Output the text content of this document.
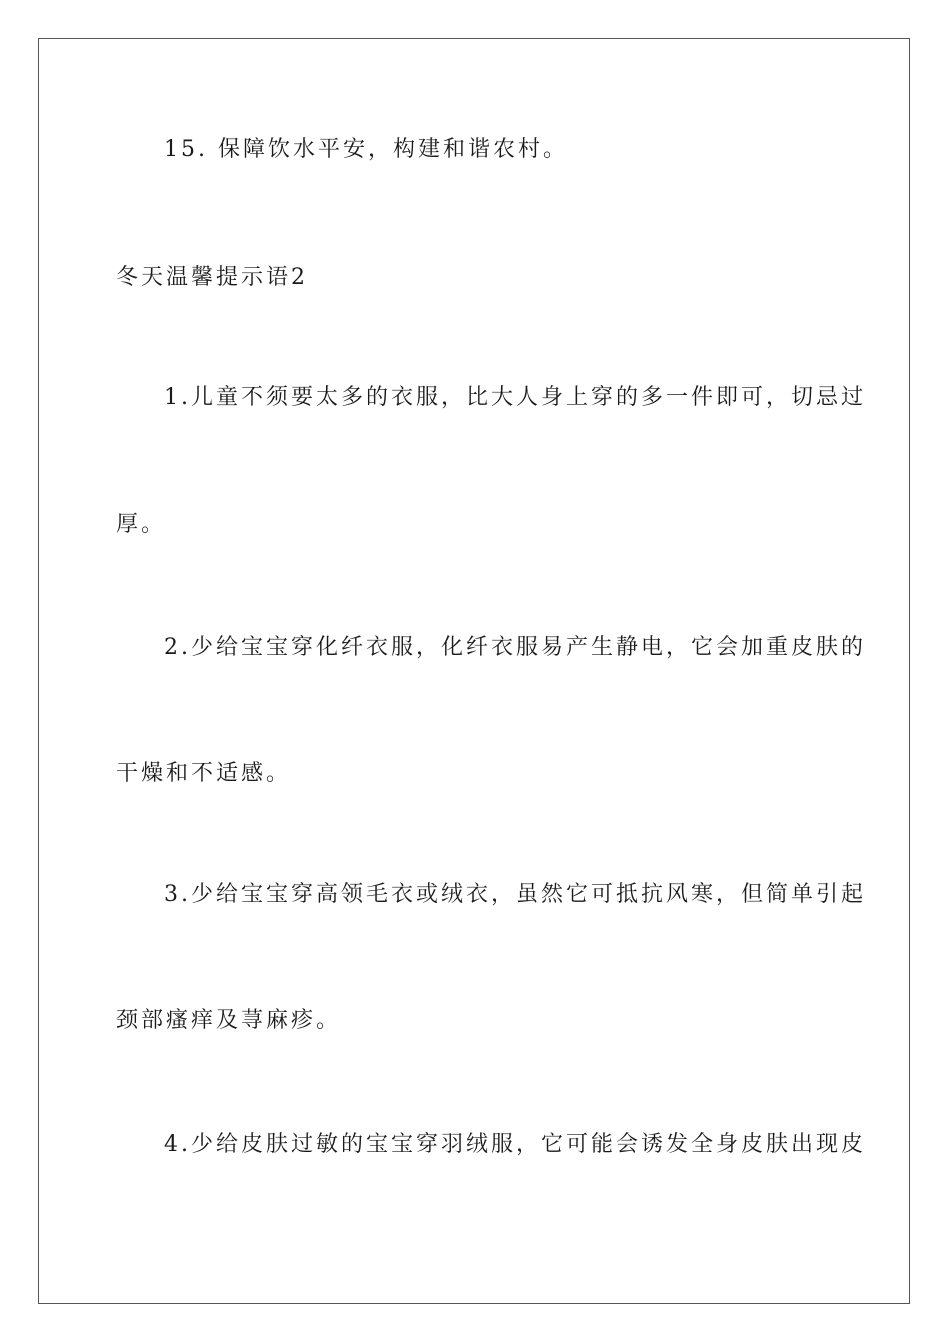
15. 保障饮水平安，构建和谐农村。
冬天温馨提示语2
1.儿童不须要太多的衣服，比大人身上穿的多一件即可，切忌过
厚。
2.少给宝宝穿化纤衣服，化纤衣服易产生静电，它会加重皮肤的
干燥和不适感。
3.少给宝宝穿高领毛衣或绒衣，虽然它可抵抗风寒，但简单引起
颈部瘙痒及荨麻疹。
4.少给皮肤过敏的宝宝穿羽绒服，它可能会诱发全身皮肤出现皮
